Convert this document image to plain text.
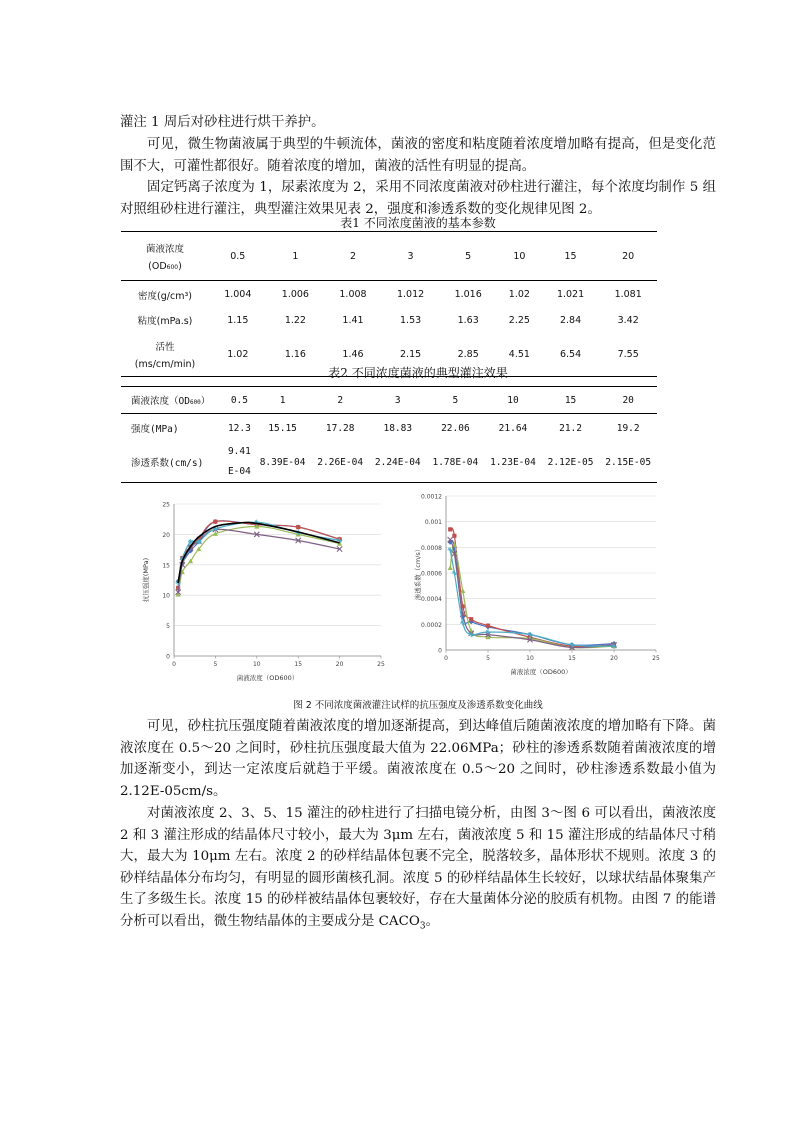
灌注 1 周后对砂柱进行烘干养护。

可见，微生物菌液属于典型的牛顿流体，菌液的密度和粘度随着浓度增加略有提高，但是变化范围不大，可灌性都很好。随着浓度的增加，菌液的活性有明显的提高。

固定钙离子浓度为 1，尿素浓度为 2，采用不同浓度菌液对砂柱进行灌注，每个浓度均制作 5 组对照组砂柱进行灌注，典型灌注效果见表 2，强度和渗透系数的变化规律见图 2。

表1 不同浓度菌液的基本参数

菌液浓度
(OD600)	0.5	1	2	3	5	10	15	20
密度(g/cm³)	1.004	1.006	1.008	1.012	1.016	1.02	1.021	1.081
粘度(mPa.s)	1.15	1.22	1.41	1.53	1.63	2.25	2.84	3.42

活性
(ms/cm/min)	1.02	1.16	1.46	2.15	2.85	4.51	6.54	7.55

表2 不同浓度菌液的典型灌注效果

菌液浓度（OD600）	0.5	1	2	3	5	10	15	20
强度(MPa)	12.3	15.15	17.28	18.83	22.06	21.64	21.2	19.2
渗透系数(cm/s)	9.41
E-04	8.39E-04	2.26E-04	2.24E-04	1.78E-04	1.23E-04	2.12E-05	2.15E-05
0
5
10
15
20
25
0	5	10	15	20	25
菌液浓度（OD600）
抗压强度(MPa)
0
0.0002
0.0004
0.0006
0.0008
0.001
0.0012
0	5	10	15	20	25
菌液浓度（OD600）
渗透系数（cm/s）

图 2 不同浓度菌液灌注试样的抗压强度及渗透系数变化曲线

可见，砂柱抗压强度随着菌液浓度的增加逐渐提高，到达峰值后随菌液浓度的增加略有下降。菌液浓度在 0.5～20 之间时，砂柱抗压强度最大值为 22.06MPa；砂柱的渗透系数随着菌液浓度的增加逐渐变小，到达一定浓度后就趋于平缓。菌液浓度在 0.5～20 之间时，砂柱渗透系数最小值为 2.12E-05cm/s。

对菌液浓度 2、3、5、15 灌注的砂柱进行了扫描电镜分析，由图 3～图 6 可以看出，菌液浓度 2 和 3 灌注形成的结晶体尺寸较小，最大为 3μm 左右，菌液浓度 5 和 15 灌注形成的结晶体尺寸稍大，最大为 10μm 左右。浓度 2 的砂样结晶体包裹不完全，脱落较多，晶体形状不规则。浓度 3 的砂样结晶体分布均匀，有明显的圆形菌核孔洞。浓度 5 的砂样结晶体生长较好，以球状结晶体聚集产生了多级生长。浓度 15 的砂样被结晶体包裹较好，存在大量菌体分泌的胶质有机物。由图 7 的能谱分析可以看出，微生物结晶体的主要成分是 $CACO_3$。
